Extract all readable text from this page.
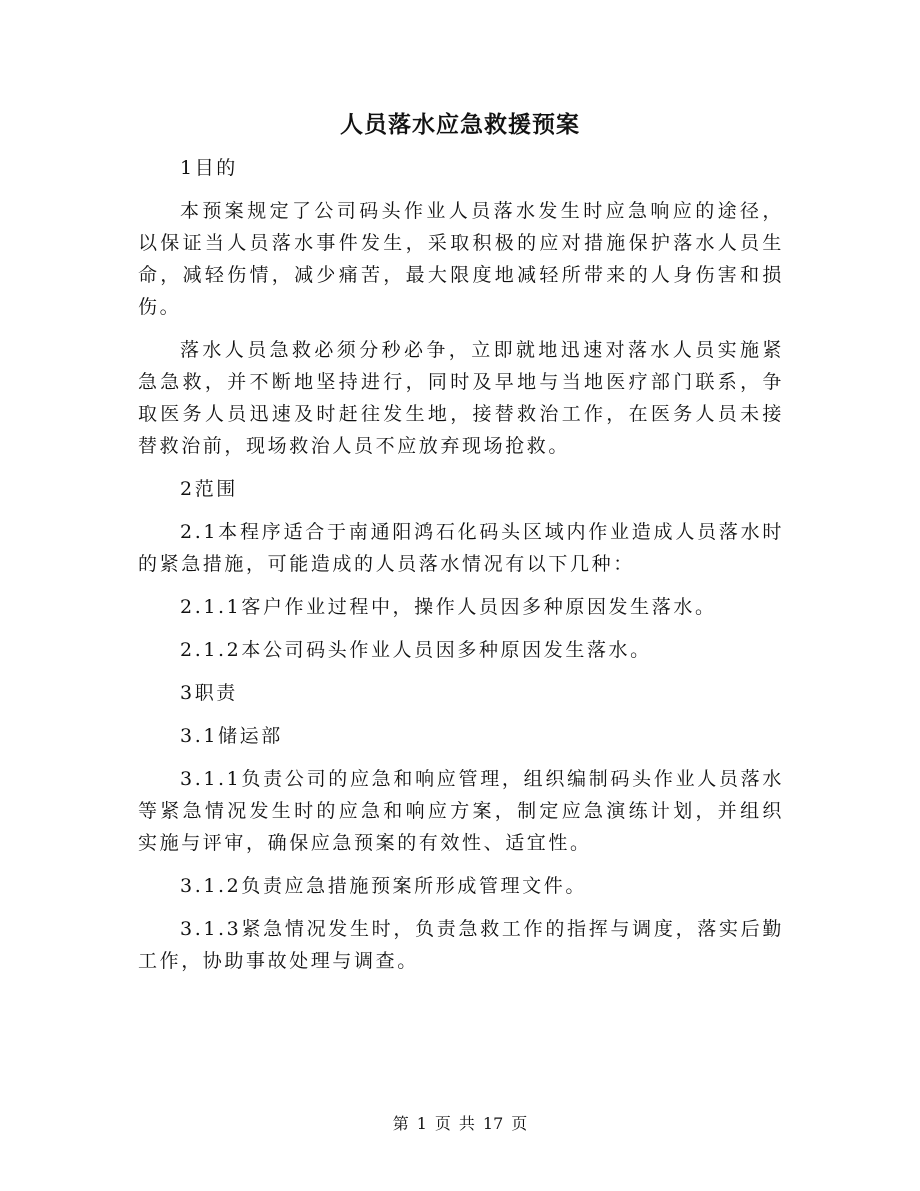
人员落水应急救援预案

1目的

本预案规定了公司码头作业人员落水发生时应急响应的途径，以保证当人员落水事件发生，采取积极的应对措施保护落水人员生命，减轻伤情，减少痛苦，最大限度地减轻所带来的人身伤害和损伤。

落水人员急救必须分秒必争，立即就地迅速对落水人员实施紧急急救，并不断地坚持进行，同时及早地与当地医疗部门联系，争取医务人员迅速及时赶往发生地，接替救治工作，在医务人员未接替救治前，现场救治人员不应放弃现场抢救。

2范围

2.1本程序适合于南通阳鸿石化码头区域内作业造成人员落水时的紧急措施，可能造成的人员落水情况有以下几种：

2.1.1客户作业过程中，操作人员因多种原因发生落水。

2.1.2本公司码头作业人员因多种原因发生落水。

3职责

3.1储运部

3.1.1负责公司的应急和响应管理，组织编制码头作业人员落水等紧急情况发生时的应急和响应方案，制定应急演练计划，并组织实施与评审，确保应急预案的有效性、适宜性。

3.1.2负责应急措施预案所形成管理文件。

3.1.3紧急情况发生时，负责急救工作的指挥与调度，落实后勤工作，协助事故处理与调查。

第 1 页 共 17 页
